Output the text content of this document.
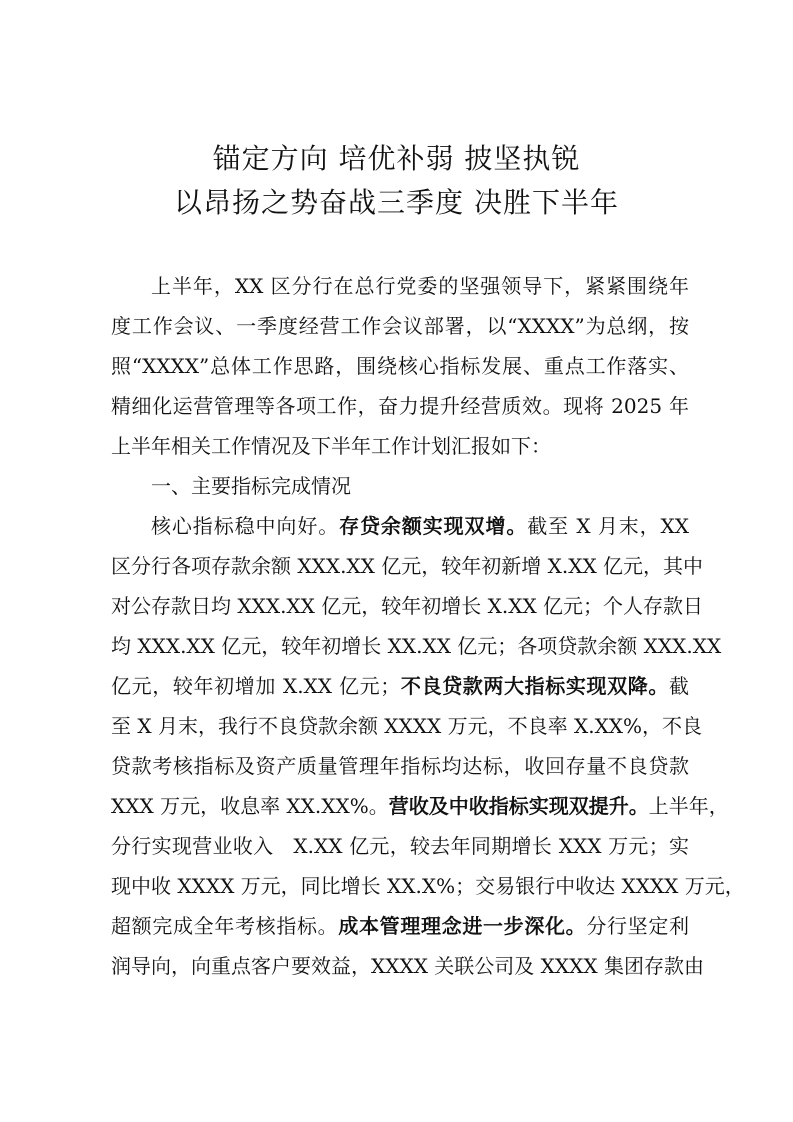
锚定方向 培优补弱 披坚执锐
以昂扬之势奋战三季度 决胜下半年
上半年，XX 区分行在总行党委的坚强领导下，紧紧围绕年
度工作会议、一季度经营工作会议部署，以“XXXX”为总纲，按
照“XXXX”总体工作思路，围绕核心指标发展、重点工作落实、
精细化运营管理等各项工作，奋力提升经营质效。现将 2025 年
上半年相关工作情况及下半年工作计划汇报如下：
一、主要指标完成情况
核心指标稳中向好。存贷余额实现双增。截至 X 月末，XX
区分行各项存款余额 XXX.XX 亿元，较年初新增 X.XX 亿元，其中
对公存款日均 XXX.XX 亿元，较年初增长 X.XX 亿元；个人存款日
均 XXX.XX 亿元，较年初增长 XX.XX 亿元；各项贷款余额 XXX.XX
亿元，较年初增加 X.XX 亿元；不良贷款两大指标实现双降。截
至 X 月末，我行不良贷款余额 XXXX 万元，不良率 X.XX%，不良
贷款考核指标及资产质量管理年指标均达标，收回存量不良贷款
XXX 万元，收息率 XX.XX%。营收及中收指标实现双提升。上半年，
分行实现营业收入 X.XX 亿元，较去年同期增长 XXX 万元；实
现中收 XXXX 万元，同比增长 XX.X%；交易银行中收达 XXXX 万元，
超额完成全年考核指标。成本管理理念进一步深化。分行坚定利
润导向，向重点客户要效益，XXXX 关联公司及 XXXX 集团存款由
